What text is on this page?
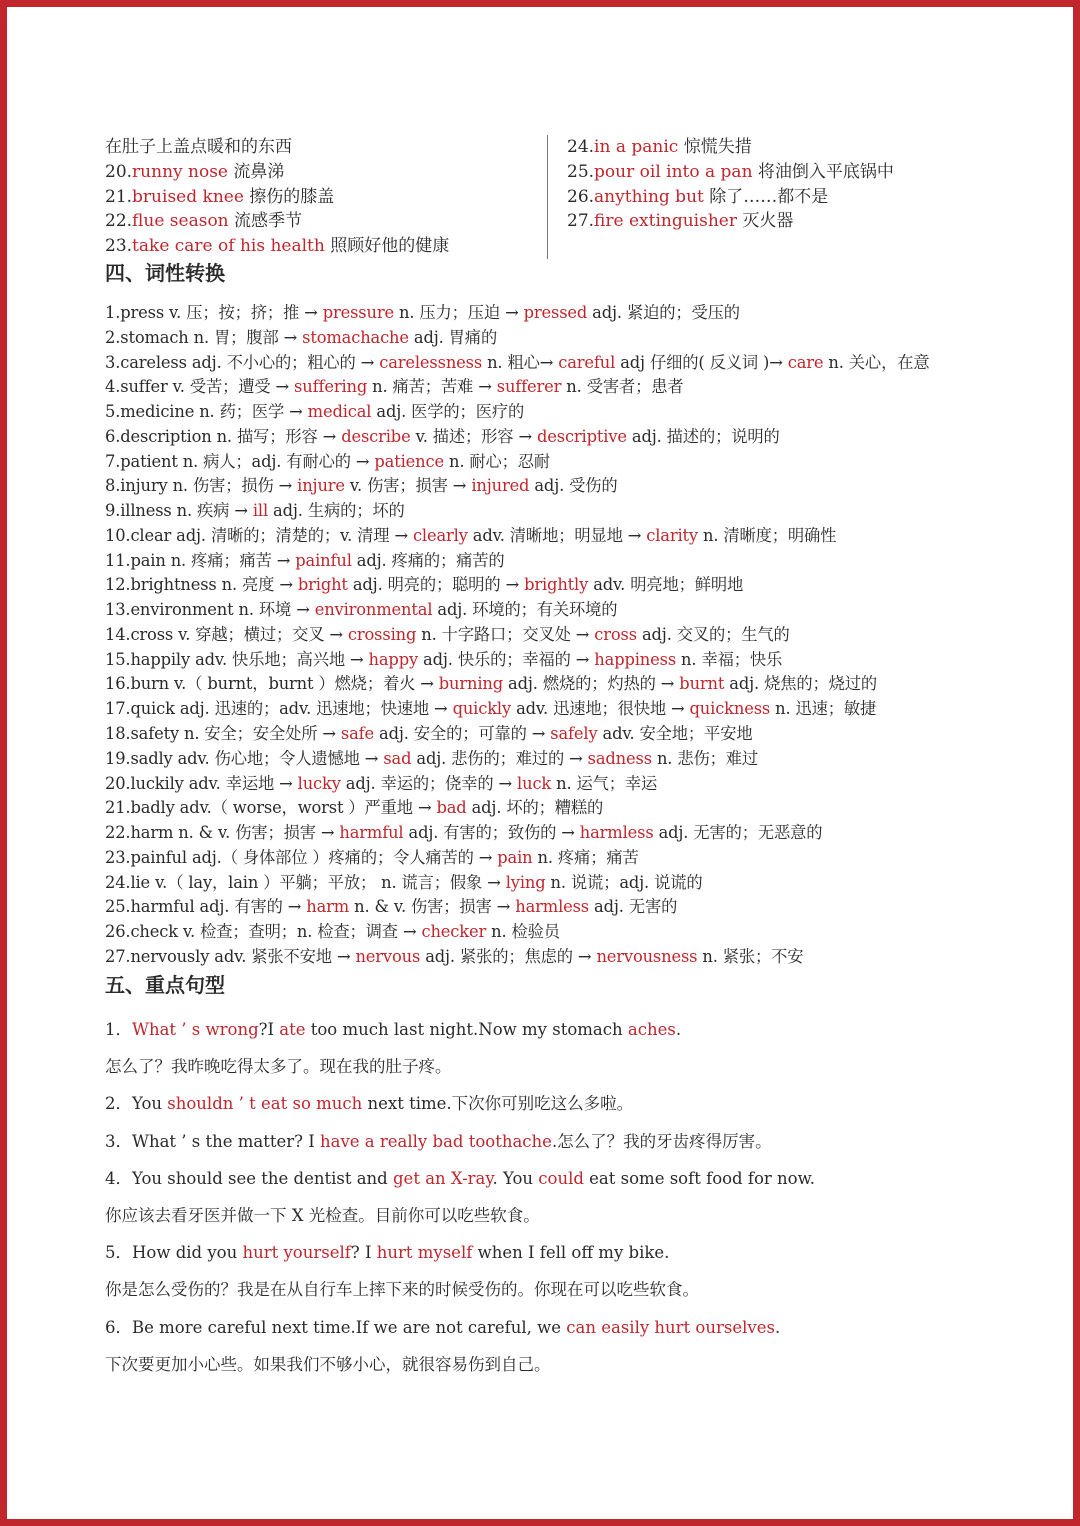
在肚子上盖点暖和的东西
20.runny nose 流鼻涕
21.bruised knee 擦伤的膝盖
22.flue season 流感季节
23.take care of his health 照顾好他的健康
24.in a panic 惊慌失措
25.pour oil into a pan 将油倒入平底锅中
26.anything but 除了……都不是
27.fire extinguisher 灭火器
四、词性转换
1.press v. 压；按；挤；推 → pressure n. 压力；压迫 → pressed adj. 紧迫的；受压的
2.stomach n. 胃；腹部 → stomachache adj. 胃痛的
3.careless adj. 不小心的；粗心的 → carelessness n. 粗心→ careful adj 仔细的( 反义词 )→ care n. 关心，在意
4.suffer v. 受苦；遭受 → suffering n. 痛苦；苦难 → sufferer n. 受害者；患者
5.medicine n. 药；医学 → medical adj. 医学的；医疗的
6.description n. 描写；形容 → describe v. 描述；形容 → descriptive adj. 描述的；说明的
7.patient n. 病人；adj. 有耐心的 → patience n. 耐心；忍耐
8.injury n. 伤害；损伤 → injure v. 伤害；损害 → injured adj. 受伤的
9.illness n. 疾病 → ill adj. 生病的；坏的
10.clear adj. 清晰的；清楚的；v. 清理 → clearly adv. 清晰地；明显地 → clarity n. 清晰度；明确性
11.pain n. 疼痛；痛苦 → painful adj. 疼痛的；痛苦的
12.brightness n. 亮度 → bright adj. 明亮的；聪明的 → brightly adv. 明亮地；鲜明地
13.environment n. 环境 → environmental adj. 环境的；有关环境的
14.cross v. 穿越；横过；交叉 → crossing n. 十字路口；交叉处 → cross adj. 交叉的；生气的
15.happily adv. 快乐地；高兴地 → happy adj. 快乐的；幸福的 → happiness n. 幸福；快乐
16.burn v.（ burnt，burnt ）燃烧；着火 → burning adj. 燃烧的；灼热的 → burnt adj. 烧焦的；烧过的
17.quick adj. 迅速的；adv. 迅速地；快速地 → quickly adv. 迅速地；很快地 → quickness n. 迅速；敏捷
18.safety n. 安全；安全处所 → safe adj. 安全的；可靠的 → safely adv. 安全地；平安地
19.sadly adv. 伤心地；令人遗憾地 → sad adj. 悲伤的；难过的 → sadness n. 悲伤；难过
20.luckily adv. 幸运地 → lucky adj. 幸运的；侥幸的 → luck n. 运气；幸运
21.badly adv.（ worse，worst ）严重地 → bad adj. 坏的；糟糕的
22.harm n. & v. 伤害；损害 → harmful adj. 有害的；致伤的 → harmless adj. 无害的；无恶意的
23.painful adj.（ 身体部位 ）疼痛的；令人痛苦的 → pain n. 疼痛；痛苦
24.lie v.（ lay，lain ）平躺；平放； n. 谎言；假象 → lying n. 说谎；adj. 说谎的
25.harmful adj. 有害的 → harm n. & v. 伤害；损害 → harmless adj. 无害的
26.check v. 检查；查明；n. 检查；调查 → checker n. 检验员
27.nervously adv. 紧张不安地 → nervous adj. 紧张的；焦虑的 → nervousness n. 紧张；不安
五、重点句型
1．What ’ s wrong?I ate too much last night.Now my stomach aches.
怎么了？我昨晚吃得太多了。现在我的肚子疼。
2．You shouldn ’ t eat so much next time.下次你可别吃这么多啦。
3．What ’ s the matter? I have a really bad toothache.怎么了？我的牙齿疼得厉害。
4．You should see the dentist and get an X-ray. You could eat some soft food for now.
你应该去看牙医并做一下 X 光检查。目前你可以吃些软食。
5．How did you hurt yourself? I hurt myself when I fell off my bike.
你是怎么受伤的？我是在从自行车上摔下来的时候受伤的。你现在可以吃些软食。
6．Be more careful next time.If we are not careful, we can easily hurt ourselves.
下次要更加小心些。如果我们不够小心，就很容易伤到自己。
